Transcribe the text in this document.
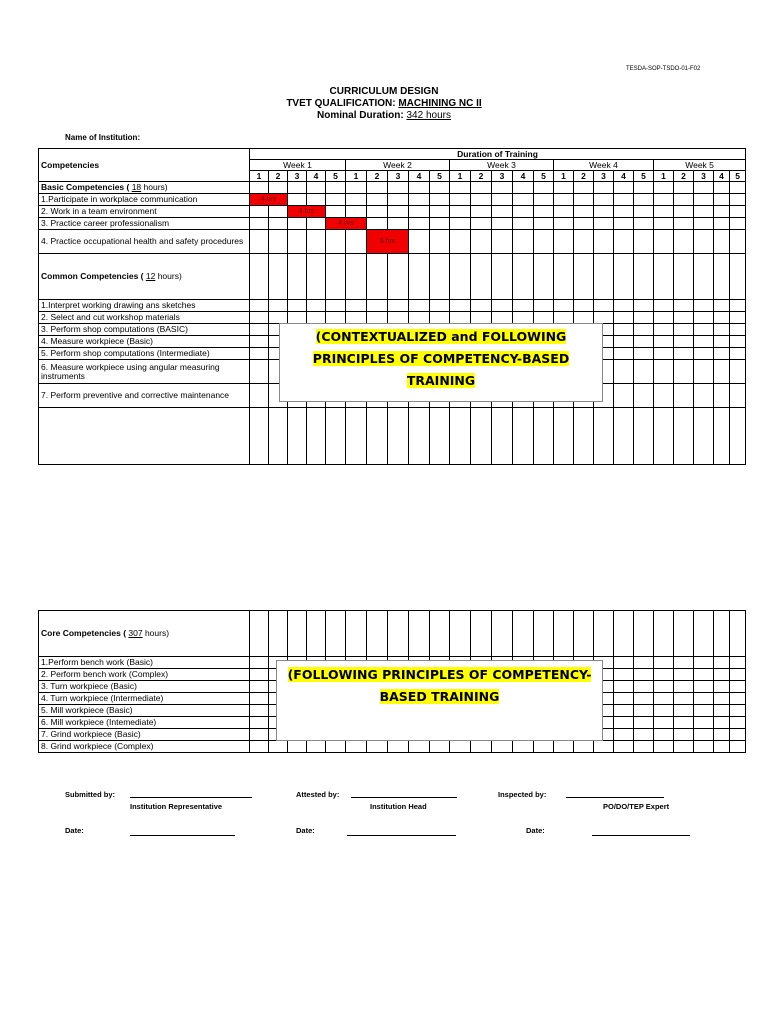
TESDA-SOP-TSDO-01-F02
CURRICULUM DESIGN
TVET QUALIFICATION: MACHINING NC II
Nominal Duration: 342 hours
Name of Institution:
Competencies	Duration of Training																								
	Week 1					Week 2					Week 3					Week 4					Week 5				
	1	2	3	4	5	1	2	3	4	5	1	2	3	4	5	1	2	3	4	5	1	2	3	4	5
Basic Competencies ( 18 hours)																									
1.Participate in workplace communication	4 hrs																								
2. Work in a team environment			4 hrs																						
3. Practice career professionalism					4 hrs																				
4. Practice occupational health and safety procedures							6 hrs																		
Common Competencies ( 12 hours)																									
1.Interpret working drawing ans sketches																									
2. Select and cut workshop materials																									
3. Perform shop computations (BASIC)																									
4. Measure workpiece (Basic)																									
5. Perform shop computations (Intermediate)																									
6. Measure workpiece using angular measuring instruments																									
7. Perform preventive and corrective maintenance																									

(CONTEXTUALIZED and FOLLOWING
PRINCIPLES OF COMPETENCY-BASED
TRAINING
Core Competencies ( 307 hours)																									
1.Perform bench work (Basic)																									
2. Perform bench work (Complex)																									
3. Turn workpiece (Basic)																									
4. Turn workpiece (Intermediate)																									
5. Mill workpiece (Basic)																									
6. Mill workpiece (Intemediate)																									
7. Grind workpiece (Basic)																									
8. Grind workpiece (Complex)																									
(FOLLOWING PRINCIPLES OF COMPETENCY-
BASED TRAINING
Submitted by:
Institution Representative
Attested by:
Institution Head
Inspected by:
PO/DO/TEP Expert
Date:	Date:	Date:
